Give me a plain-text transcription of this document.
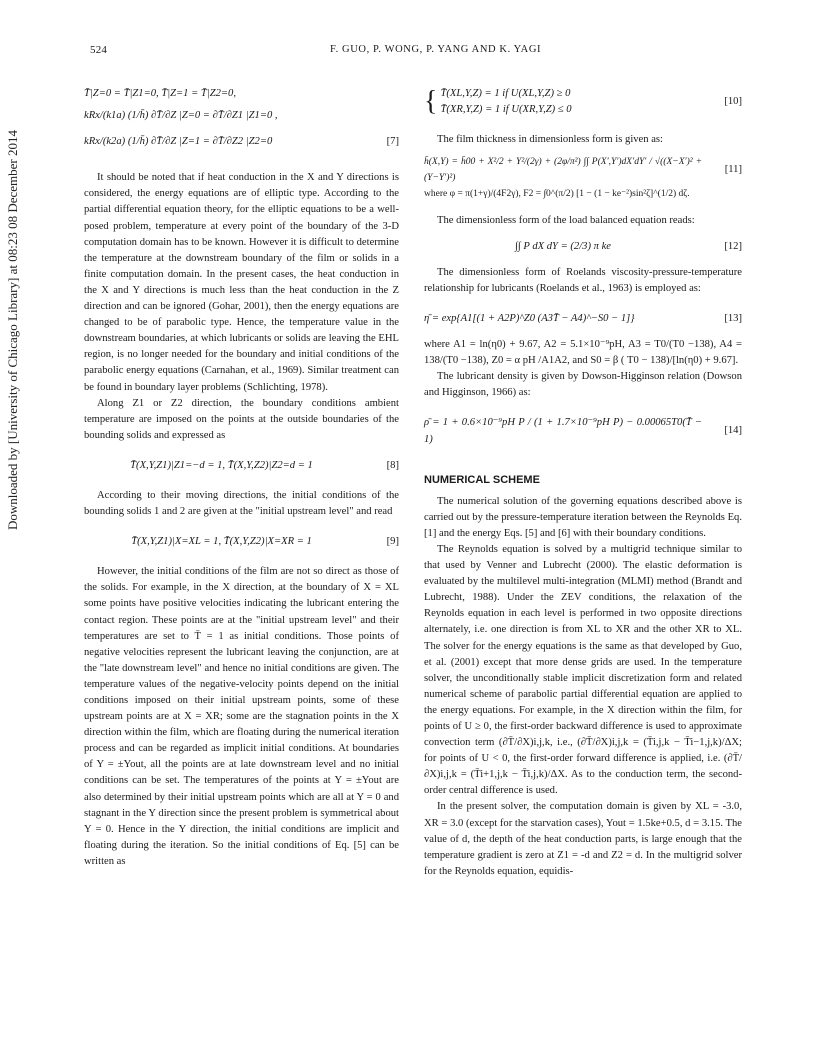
524	F. GUO, P. WONG, P. YANG AND K. YAGI
Downloaded by [University of Chicago Library] at 08:23 08 December 2014
T̄|Z=0 = T̄|Z1=0, T̄|Z=1 = T̄|Z2=0,
kRx/(k1a) (1/h̄) ∂T̄/∂Z |Z=0 = ∂T̄/∂Z1 |Z1=0 ,
kRx/(k2a) (1/h̄) ∂T̄/∂Z |Z=1 = ∂T̄/∂Z2 |Z2=0	[7]

It should be noted that if heat conduction in the X and Y directions is considered, the energy equations are of elliptic type. According to the partial differential equation theory, for the elliptic equations to be a well-posed problem, temperature at every point of the boundary of the 3-D computation domain has to be known. However it is difficult to determine the temperature at the downstream boundary of the film or solids in a finite computation domain. In the present cases, the heat conduction in the X and Y directions is much less than the heat conduction in the Z direction and can be ignored (Gohar, 2001), then the energy equations are changed to be of parabolic type. Hence, the temperature value in the downstream boundaries, at which lubricants or solids are leaving the EHL region, is no longer needed for the boundary and initial conditions of the parabolic energy equations (Carnahan, et al., 1969). Similar treatment can be found in boundary layer problems (Schlichting, 1978).

Along Z1 or Z2 direction, the boundary conditions ambient temperature are imposed on the points at the outside boundaries of the bounding solids and expressed as

T̄(X,Y,Z1)|Z1=−d = 1, T̄(X,Y,Z2)|Z2=d = 1	[8]

According to their moving directions, the initial conditions of the bounding solids 1 and 2 are given at the "initial upstream level" and read

T̄(X,Y,Z1)|X=XL = 1, T̄(X,Y,Z2)|X=XR = 1	[9]

However, the initial conditions of the film are not so direct as those of the solids. For example, in the X direction, at the boundary of X = XL some points have positive velocities indicating the lubricant entering the contact region. These points are at the "initial upstream level" and their temperatures are set to T̄ = 1 as initial conditions. Those points of negative velocities represent the lubricant leaving the conjunction, are at the "late downstream level" and hence no initial conditions are given. The temperature values of the negative-velocity points depend on the initial conditions imposed on their initial upstream points, some of these upstream points are at X = XR; some are the stagnation points in the X direction within the film, which are floating during the numerical iteration process and can be regarded as implicit initial conditions. At boundaries of Y = ±Yout, all the points are at late downstream level and no initial conditions can be set. The temperatures of the points at Y = ±Yout are also determined by their initial upstream points which are all at Y = 0 and stagnant in the Y direction since the present problem is symmetrical about Y = 0. Hence in the Y direction, the initial conditions are implicit and floating during the iteration. So the initial conditions of Eq. [5] can be written as

{ T̄(XL,Y,Z) = 1 if U(XL,Y,Z) ≥ 0
T̄(XR,Y,Z) = 1 if U(XR,Y,Z) ≤ 0
[10]

The film thickness in dimensionless form is given as:

h̄(X,Y) = h̄00 + X²/2 + Y²/(2γ) + (2φ/π²) ∫∫ P(X′,Y′)dX′dY′ / √((X−X′)² + (Y−Y′)²)
[11]
where φ = π(1+γ)/(4F2γ), F2 = ∫0^(π/2) [1 − (1 − ke⁻²)sin²ζ]^(1/2) dζ.

The dimensionless form of the load balanced equation reads:

∫∫ P dX dY = (2/3) π ke	[12]

The dimensionless form of Roelands viscosity-pressure-temperature relationship for lubricants (Roelands et al., 1963) is employed as:

η̄ = exp{A1[(1 + A2P)^Z0 (A3T̄ − A4)^−S0 − 1]}	[13]
where A1 = ln(η0) + 9.67, A2 = 5.1×10⁻⁹pH, A3 = T0/(T0 −138), A4 = 138/(T0 −138), Z0 = α pH /A1A2, and S0 = β ( T0 − 138)/[ln(η0) + 9.67].

The lubricant density is given by Dowson-Higginson relation (Dowson and Higginson, 1966) as:

ρ̄ = 1 + 0.6×10⁻⁹pH P / (1 + 1.7×10⁻⁹pH P) − 0.00065T0(T̄ − 1)
[14]
NUMERICAL SCHEME

The numerical solution of the governing equations described above is carried out by the pressure-temperature iteration between the Reynolds Eq. [1] and the energy Eqs. [5] and [6] with their boundary conditions.

The Reynolds equation is solved by a multigrid technique similar to that used by Venner and Lubrecht (2000). The elastic deformation is evaluated by the multilevel multi-integration (MLMI) method (Brandt and Lubrecht, 1988). Under the ZEV conditions, the relaxation of the Reynolds equation in each level is performed in two opposite directions alternately, i.e. one direction is from XL to XR and the other XR to XL. The solver for the energy equations is the same as that developed by Guo, et al. (2001) except that more dense grids are used. In the temperature solver, the unconditionally stable implicit discretization form and related numerical scheme of parabolic partial differential equation are applied to the energy equations. For example, in the X direction within the film, for points of U ≥ 0, the first-order backward difference is used to approximate convection term (∂T̄/∂X)i,j,k, i.e., (∂T̄/∂X)i,j,k = (T̄i,j,k − T̄i−1,j,k)/ΔX; for points of U < 0, the first-order forward difference is applied, i.e. (∂T̄/∂X)i,j,k = (T̄i+1,j,k − T̄i,j,k)/ΔX. As to the conduction term, the second-order central difference is used.

In the present solver, the computation domain is given by XL = -3.0, XR = 3.0 (except for the starvation cases), Yout = 1.5ke+0.5, d = 3.15. The value of d, the depth of the heat conduction parts, is large enough that the temperature gradient is zero at Z1 = -d and Z2 = d. In the multigrid solver for the Reynolds equation, equidis-
